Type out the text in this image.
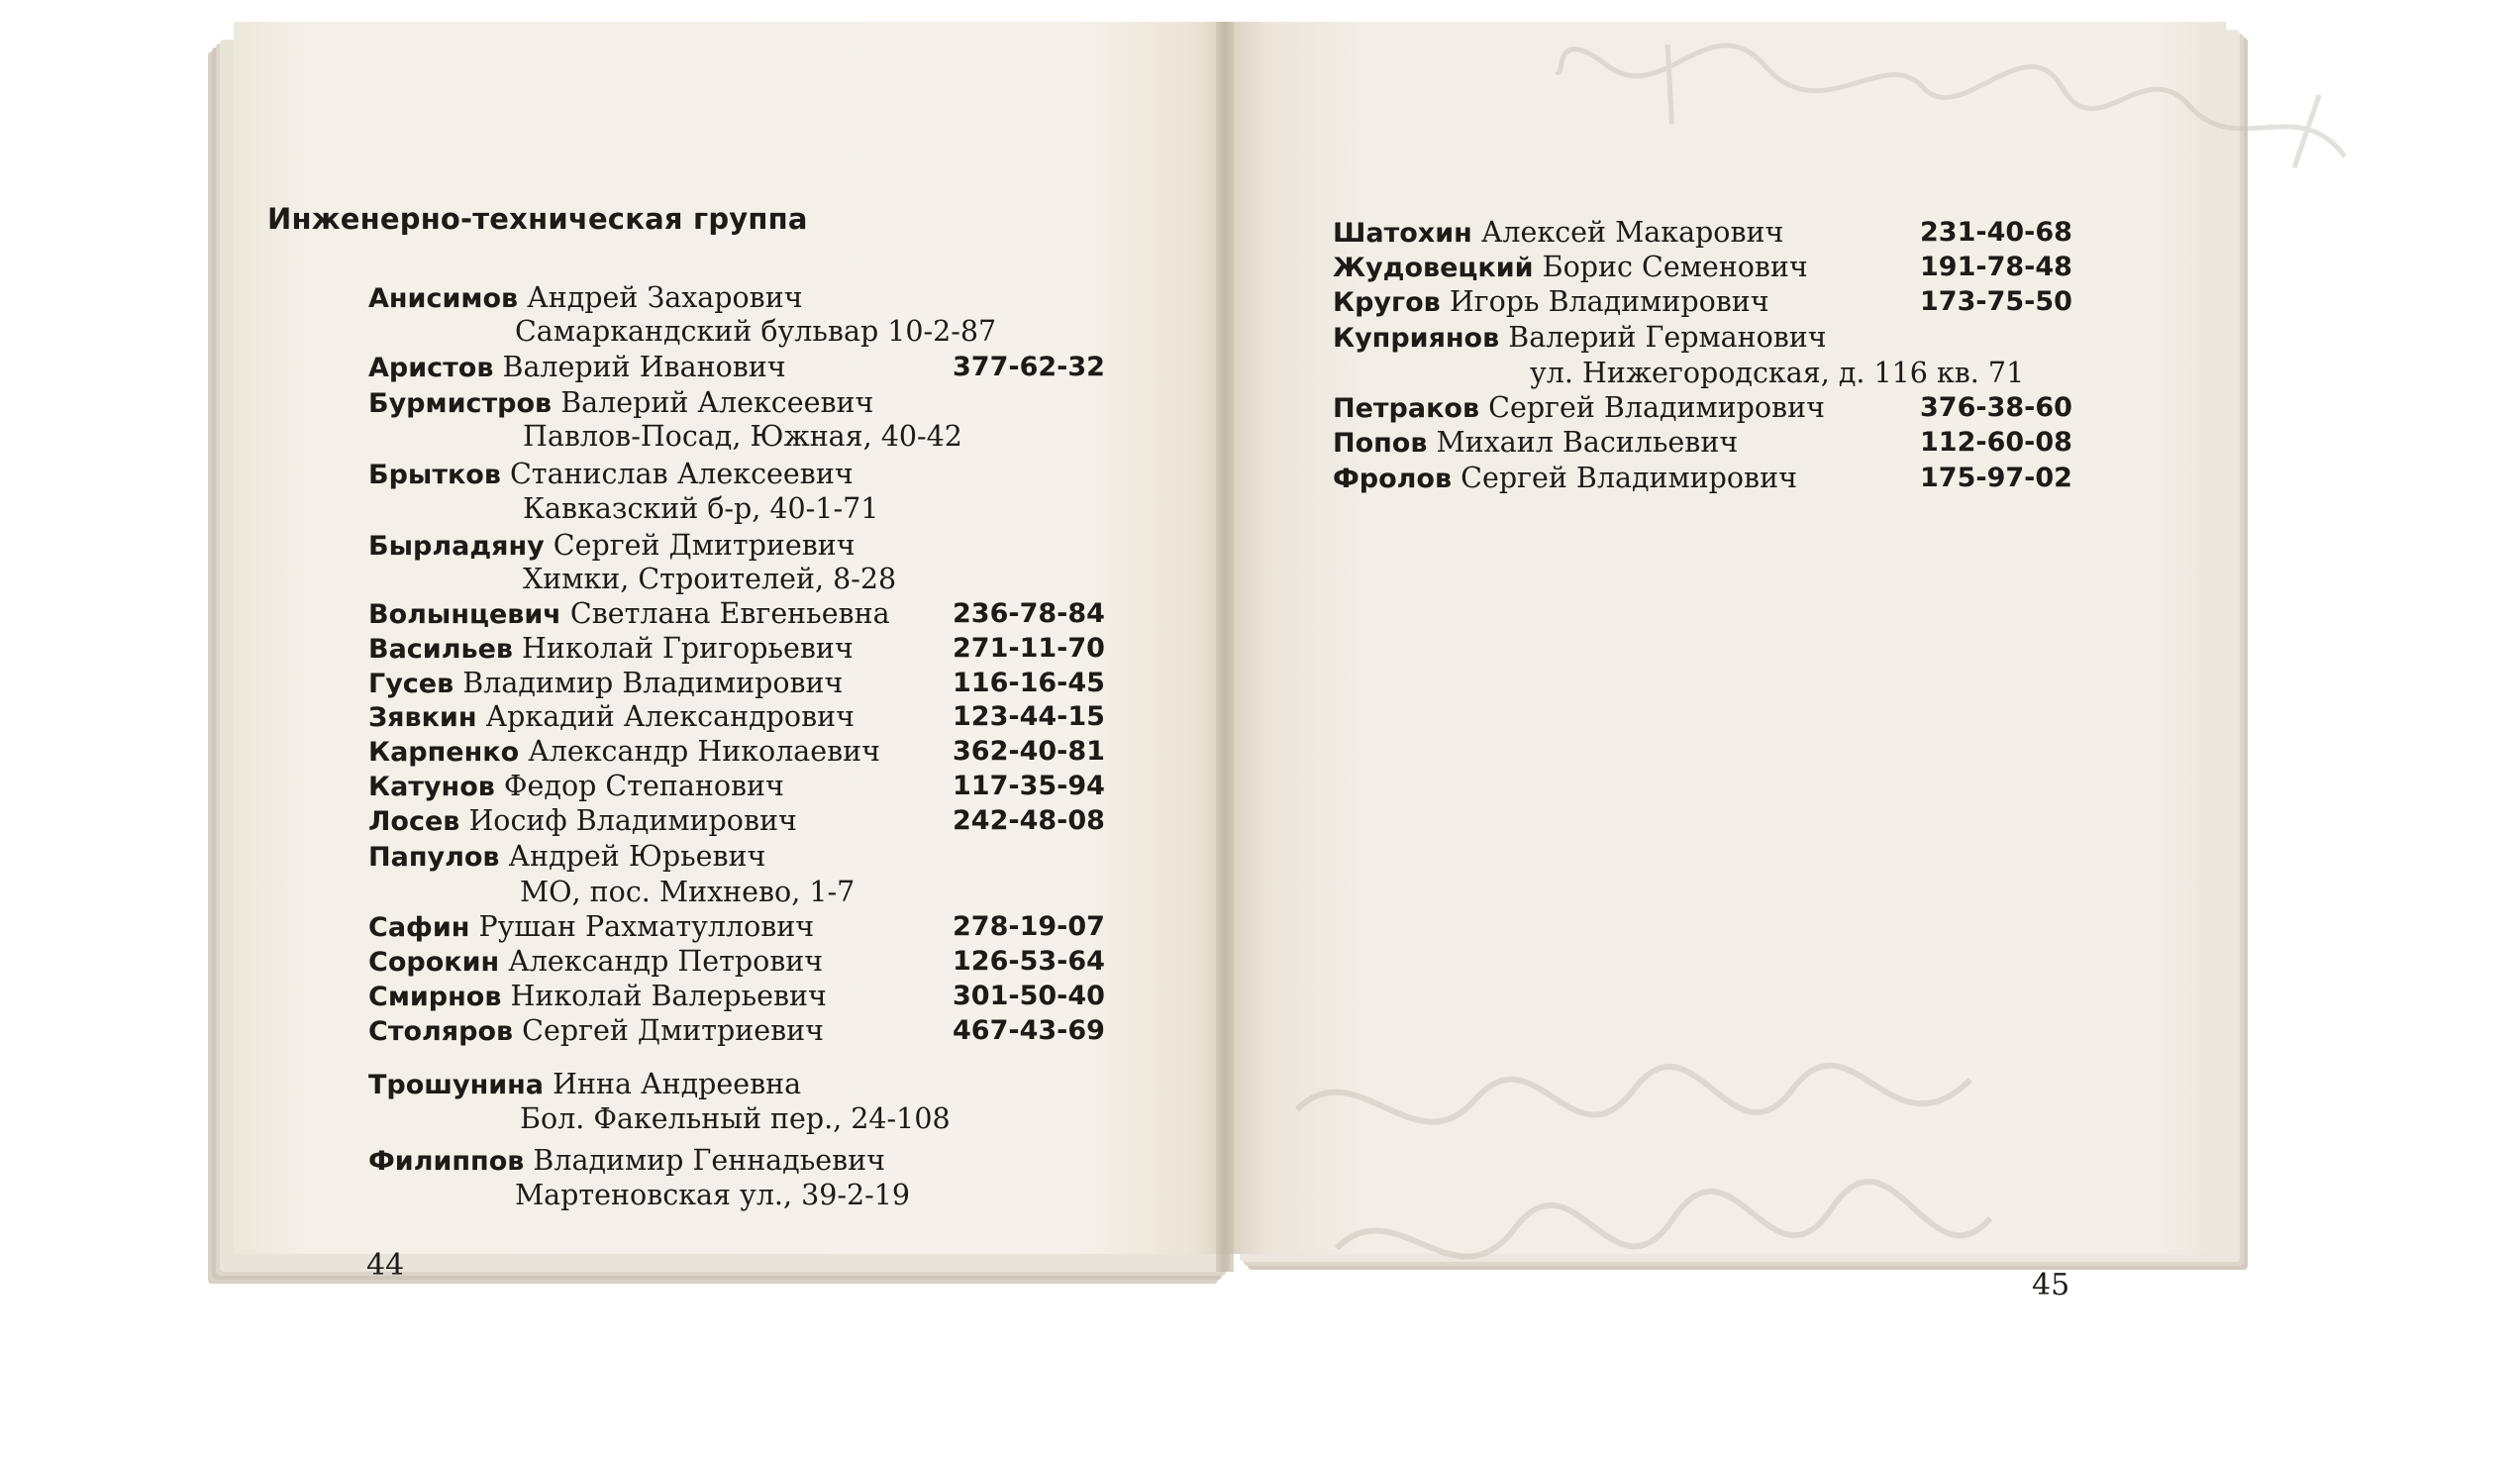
Инженерно-техническая группа
Анисимов Андрей Захарович
Самаркандский бульвар 10-2-87
Аристов Валерий Иванович	377-62-32
Бурмистров Валерий Алексеевич
Павлов-Посад, Южная, 40-42
Брытков Станислав Алексеевич
Кавказский б-р, 40-1-71
Бырладяну Сергей Дмитриевич
Химки, Строителей, 8-28
Волынцевич Светлана Евгеньевна 236-78-84
Васильев Николай Григорьевич	271-11-70
Гусев Владимир Владимирович	116-16-45
Зявкин Аркадий Александрович	123-44-15
Карпенко Александр Николаевич	362-40-81
Катунов Федор Степанович	117-35-94
Лосев Иосиф Владимирович	242-48-08
Папулов Андрей Юрьевич
МО, пос. Михнево, 1-7
Сафин Рушан Рахматуллович	278-19-07
Сорокин Александр Петрович	126-53-64
Смирнов Николай Валерьевич	301-50-40
Столяров Сергей Дмитриевич	467-43-69
Трошунина Инна Андреевна
Бол. Факельный пер., 24-108
Филиппов Владимир Геннадьевич
Мартеновская ул., 39-2-19
44
Шатохин Алексей Макарович	231-40-68
Жудовецкий Борис Семенович	191-78-48
Кругов Игорь Владимирович	173-75-50
Куприянов Валерий Германович
ул. Нижегородская, д. 116 кв. 71
Петраков Сергей Владимирович	376-38-60
Попов Михаил Васильевич	112-60-08
Фролов Сергей Владимирович	175-97-02
45
